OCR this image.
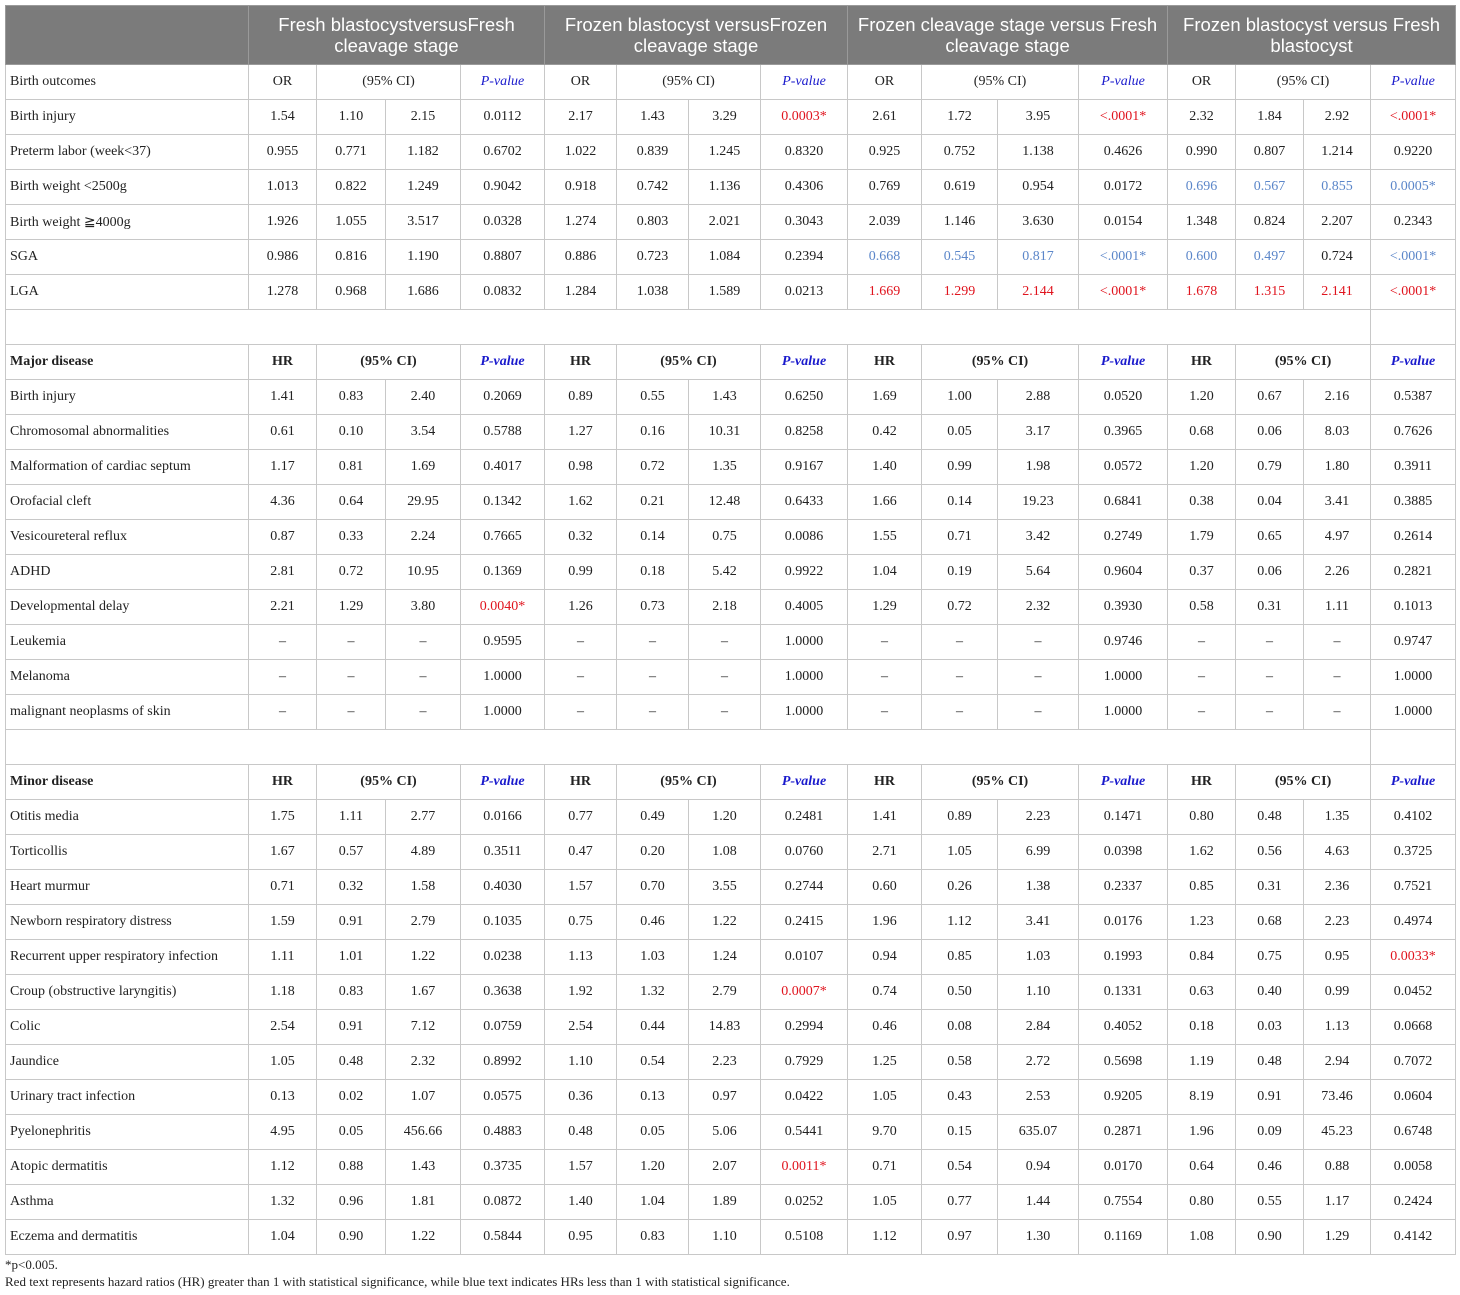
	Fresh blastocystversusFresh cleavage stage				Frozen blastocyst versusFrozen cleavage stage				Frozen cleavage stage versus Fresh cleavage stage				Frozen blastocyst versus Fresh blastocyst			
Birth outcomes	OR	(95% CI)		P-value	OR	(95% CI)		P-value	OR	(95% CI)		P-value	OR	(95% CI)		P-value
Birth injury	1.54	1.10	2.15	0.0112	2.17	1.43	3.29	0.0003*	2.61	1.72	3.95	<.0001*	2.32	1.84	2.92	<.0001*
Preterm labor (week<37)	0.955	0.771	1.182	0.6702	1.022	0.839	1.245	0.8320	0.925	0.752	1.138	0.4626	0.990	0.807	1.214	0.9220
Birth weight <2500g	1.013	0.822	1.249	0.9042	0.918	0.742	1.136	0.4306	0.769	0.619	0.954	0.0172	0.696	0.567	0.855	0.0005*
Birth weight ≧4000g	1.926	1.055	3.517	0.0328	1.274	0.803	2.021	0.3043	2.039	1.146	3.630	0.0154	1.348	0.824	2.207	0.2343
SGA	0.986	0.816	1.190	0.8807	0.886	0.723	1.084	0.2394	0.668	0.545	0.817	<.0001*	0.600	0.497	0.724	<.0001*
LGA	1.278	0.968	1.686	0.0832	1.284	1.038	1.589	0.0213	1.669	1.299	2.144	<.0001*	1.678	1.315	2.141	<.0001*

Major disease	HR	(95% CI)		P-value	HR	(95% CI)		P-value	HR	(95% CI)		P-value	HR	(95% CI)		P-value
Birth injury	1.41	0.83	2.40	0.2069	0.89	0.55	1.43	0.6250	1.69	1.00	2.88	0.0520	1.20	0.67	2.16	0.5387
Chromosomal abnormalities	0.61	0.10	3.54	0.5788	1.27	0.16	10.31	0.8258	0.42	0.05	3.17	0.3965	0.68	0.06	8.03	0.7626
Malformation of cardiac septum	1.17	0.81	1.69	0.4017	0.98	0.72	1.35	0.9167	1.40	0.99	1.98	0.0572	1.20	0.79	1.80	0.3911
Orofacial cleft	4.36	0.64	29.95	0.1342	1.62	0.21	12.48	0.6433	1.66	0.14	19.23	0.6841	0.38	0.04	3.41	0.3885
Vesicoureteral reflux	0.87	0.33	2.24	0.7665	0.32	0.14	0.75	0.0086	1.55	0.71	3.42	0.2749	1.79	0.65	4.97	0.2614
ADHD	2.81	0.72	10.95	0.1369	0.99	0.18	5.42	0.9922	1.04	0.19	5.64	0.9604	0.37	0.06	2.26	0.2821
Developmental delay	2.21	1.29	3.80	0.0040*	1.26	0.73	2.18	0.4005	1.29	0.72	2.32	0.3930	0.58	0.31	1.11	0.1013
Leukemia	–	–	–	0.9595	–	–	–	1.0000	–	–	–	0.9746	–	–	–	0.9747
Melanoma	–	–	–	1.0000	–	–	–	1.0000	–	–	–	1.0000	–	–	–	1.0000
malignant neoplasms of skin	–	–	–	1.0000	–	–	–	1.0000	–	–	–	1.0000	–	–	–	1.0000

Minor disease	HR	(95% CI)		P-value	HR	(95% CI)		P-value	HR	(95% CI)		P-value	HR	(95% CI)		P-value
Otitis media	1.75	1.11	2.77	0.0166	0.77	0.49	1.20	0.2481	1.41	0.89	2.23	0.1471	0.80	0.48	1.35	0.4102
Torticollis	1.67	0.57	4.89	0.3511	0.47	0.20	1.08	0.0760	2.71	1.05	6.99	0.0398	1.62	0.56	4.63	0.3725
Heart murmur	0.71	0.32	1.58	0.4030	1.57	0.70	3.55	0.2744	0.60	0.26	1.38	0.2337	0.85	0.31	2.36	0.7521
Newborn respiratory distress	1.59	0.91	2.79	0.1035	0.75	0.46	1.22	0.2415	1.96	1.12	3.41	0.0176	1.23	0.68	2.23	0.4974
Recurrent upper respiratory infection	1.11	1.01	1.22	0.0238	1.13	1.03	1.24	0.0107	0.94	0.85	1.03	0.1993	0.84	0.75	0.95	0.0033*
Croup (obstructive laryngitis)	1.18	0.83	1.67	0.3638	1.92	1.32	2.79	0.0007*	0.74	0.50	1.10	0.1331	0.63	0.40	0.99	0.0452
Colic	2.54	0.91	7.12	0.0759	2.54	0.44	14.83	0.2994	0.46	0.08	2.84	0.4052	0.18	0.03	1.13	0.0668
Jaundice	1.05	0.48	2.32	0.8992	1.10	0.54	2.23	0.7929	1.25	0.58	2.72	0.5698	1.19	0.48	2.94	0.7072
Urinary tract infection	0.13	0.02	1.07	0.0575	0.36	0.13	0.97	0.0422	1.05	0.43	2.53	0.9205	8.19	0.91	73.46	0.0604
Pyelonephritis	4.95	0.05	456.66	0.4883	0.48	0.05	5.06	0.5441	9.70	0.15	635.07	0.2871	1.96	0.09	45.23	0.6748
Atopic dermatitis	1.12	0.88	1.43	0.3735	1.57	1.20	2.07	0.0011*	0.71	0.54	0.94	0.0170	0.64	0.46	0.88	0.0058
Asthma	1.32	0.96	1.81	0.0872	1.40	1.04	1.89	0.0252	1.05	0.77	1.44	0.7554	0.80	0.55	1.17	0.2424
Eczema and dermatitis	1.04	0.90	1.22	0.5844	0.95	0.83	1.10	0.5108	1.12	0.97	1.30	0.1169	1.08	0.90	1.29	0.4142
*p<0.005.
Red text represents hazard ratios (HR) greater than 1 with statistical significance, while blue text indicates HRs less than 1 with statistical significance.
